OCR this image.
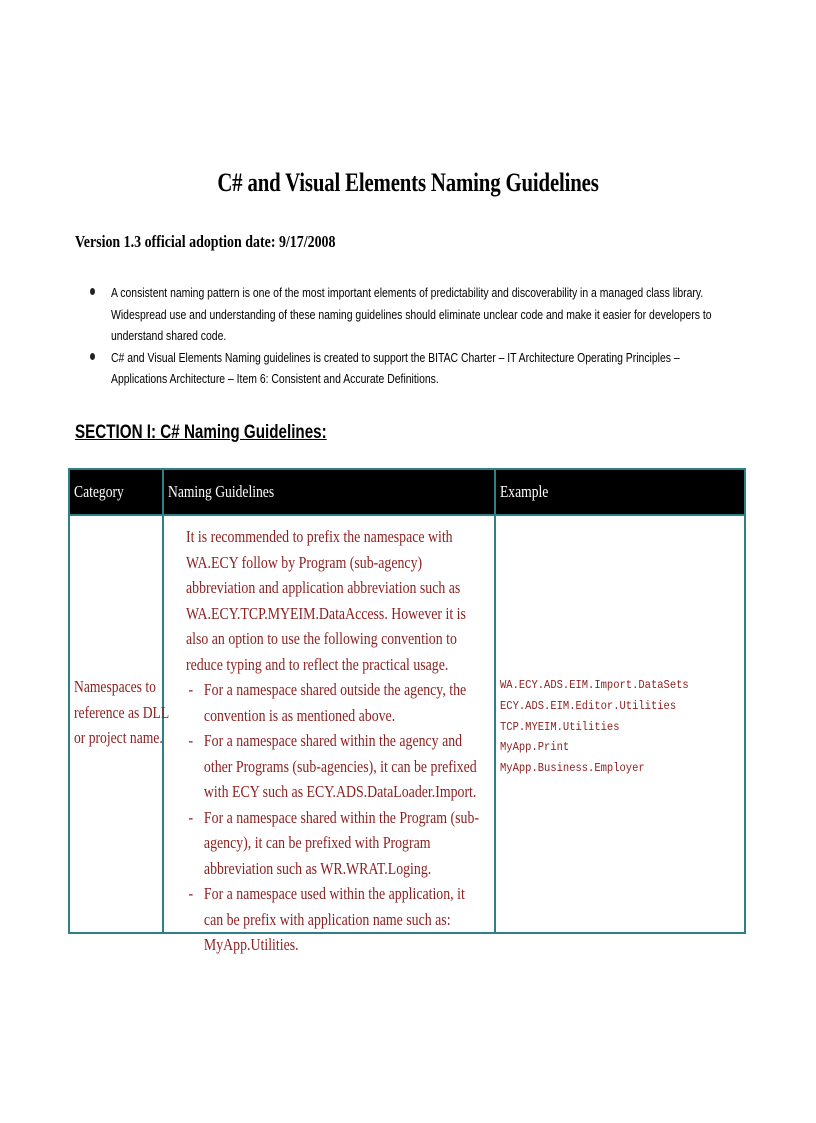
C# and Visual Elements Naming Guidelines
Version 1.3 official adoption date: 9/17/2008
A consistent naming pattern is one of the most important elements of predictability and discoverability in a managed class library. Widespread use and understanding of these naming guidelines should eliminate unclear code and make it easier for developers to understand shared code.
C# and Visual Elements Naming guidelines is created to support the BITAC Charter – IT Architecture Operating Principles – Applications Architecture – Item 6: Consistent and Accurate Definitions.
SECTION I: C# Naming Guidelines:
Category	Naming Guidelines	Example
Namespaces to reference as DLL or project name.
It is recommended to prefix the namespace with WA.ECY follow by Program (sub-agency) abbreviation and application abbreviation such as WA.ECY.TCP.MYEIM.DataAccess. However it is also an option to use the following convention to reduce typing and to reflect the practical usage.
- For a namespace shared outside the agency, the convention is as mentioned above.
- For a namespace shared within the agency and other Programs (sub-agencies), it can be prefixed with ECY such as ECY.ADS.DataLoader.Import.
- For a namespace shared within the Program (sub-agency), it can be prefixed with Program abbreviation such as WR.WRAT.Loging.
- For a namespace used within the application, it can be prefix with application name such as: MyApp.Utilities.
WA.ECY.ADS.EIM.Import.DataSets
ECY.ADS.EIM.Editor.Utilities
TCP.MYEIM.Utilities
MyApp.Print
MyApp.Business.Employer
